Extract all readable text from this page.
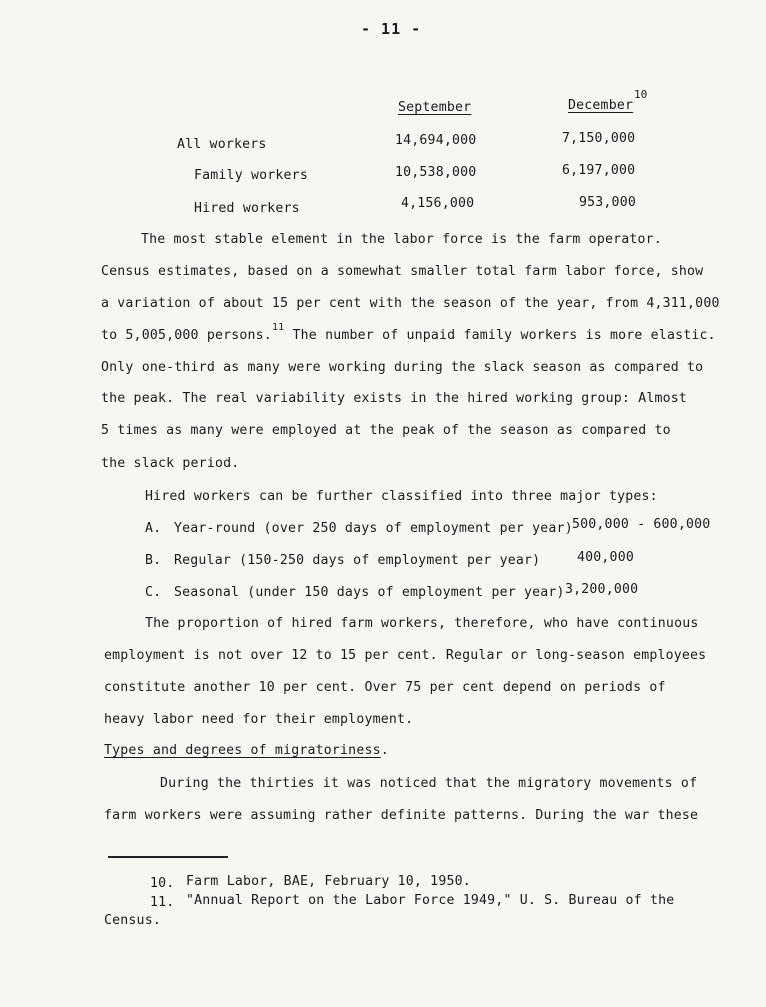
- 11 -
September	December
10
All workers	14,694,000	7,150,000
Family workers	10,538,000	6,197,000
Hired workers	4,156,000	953,000
The most stable element in the labor force is the farm operator.
Census estimates, based on a somewhat smaller total farm labor force, show
a variation of about 15 per cent with the season of the year, from 4,311,000
to 5,005,000 persons.$^{11}$ The number of unpaid family workers is more elastic.
Only one-third as many were working during the slack season as compared to
the peak. The real variability exists in the hired working group: Almost
5 times as many were employed at the peak of the season as compared to
the slack period.
Hired workers can be further classified into three major types:
A. Year-round (over 250 days of employment per year) 500,000 - 600,000
B. Regular (150-250 days of employment per year)	400,000
C. Seasonal (under 150 days of employment per year) 3,200,000
The proportion of hired farm workers, therefore, who have continuous
employment is not over 12 to 15 per cent. Regular or long-season employees
constitute another 10 per cent. Over 75 per cent depend on periods of
heavy labor need for their employment.
Types and degrees of migratoriness.
During the thirties it was noticed that the migratory movements of
farm workers were assuming rather definite patterns. During the war these
10. Farm Labor, BAE, February 10, 1950.
11. "Annual Report on the Labor Force 1949," U. S. Bureau of the
Census.
